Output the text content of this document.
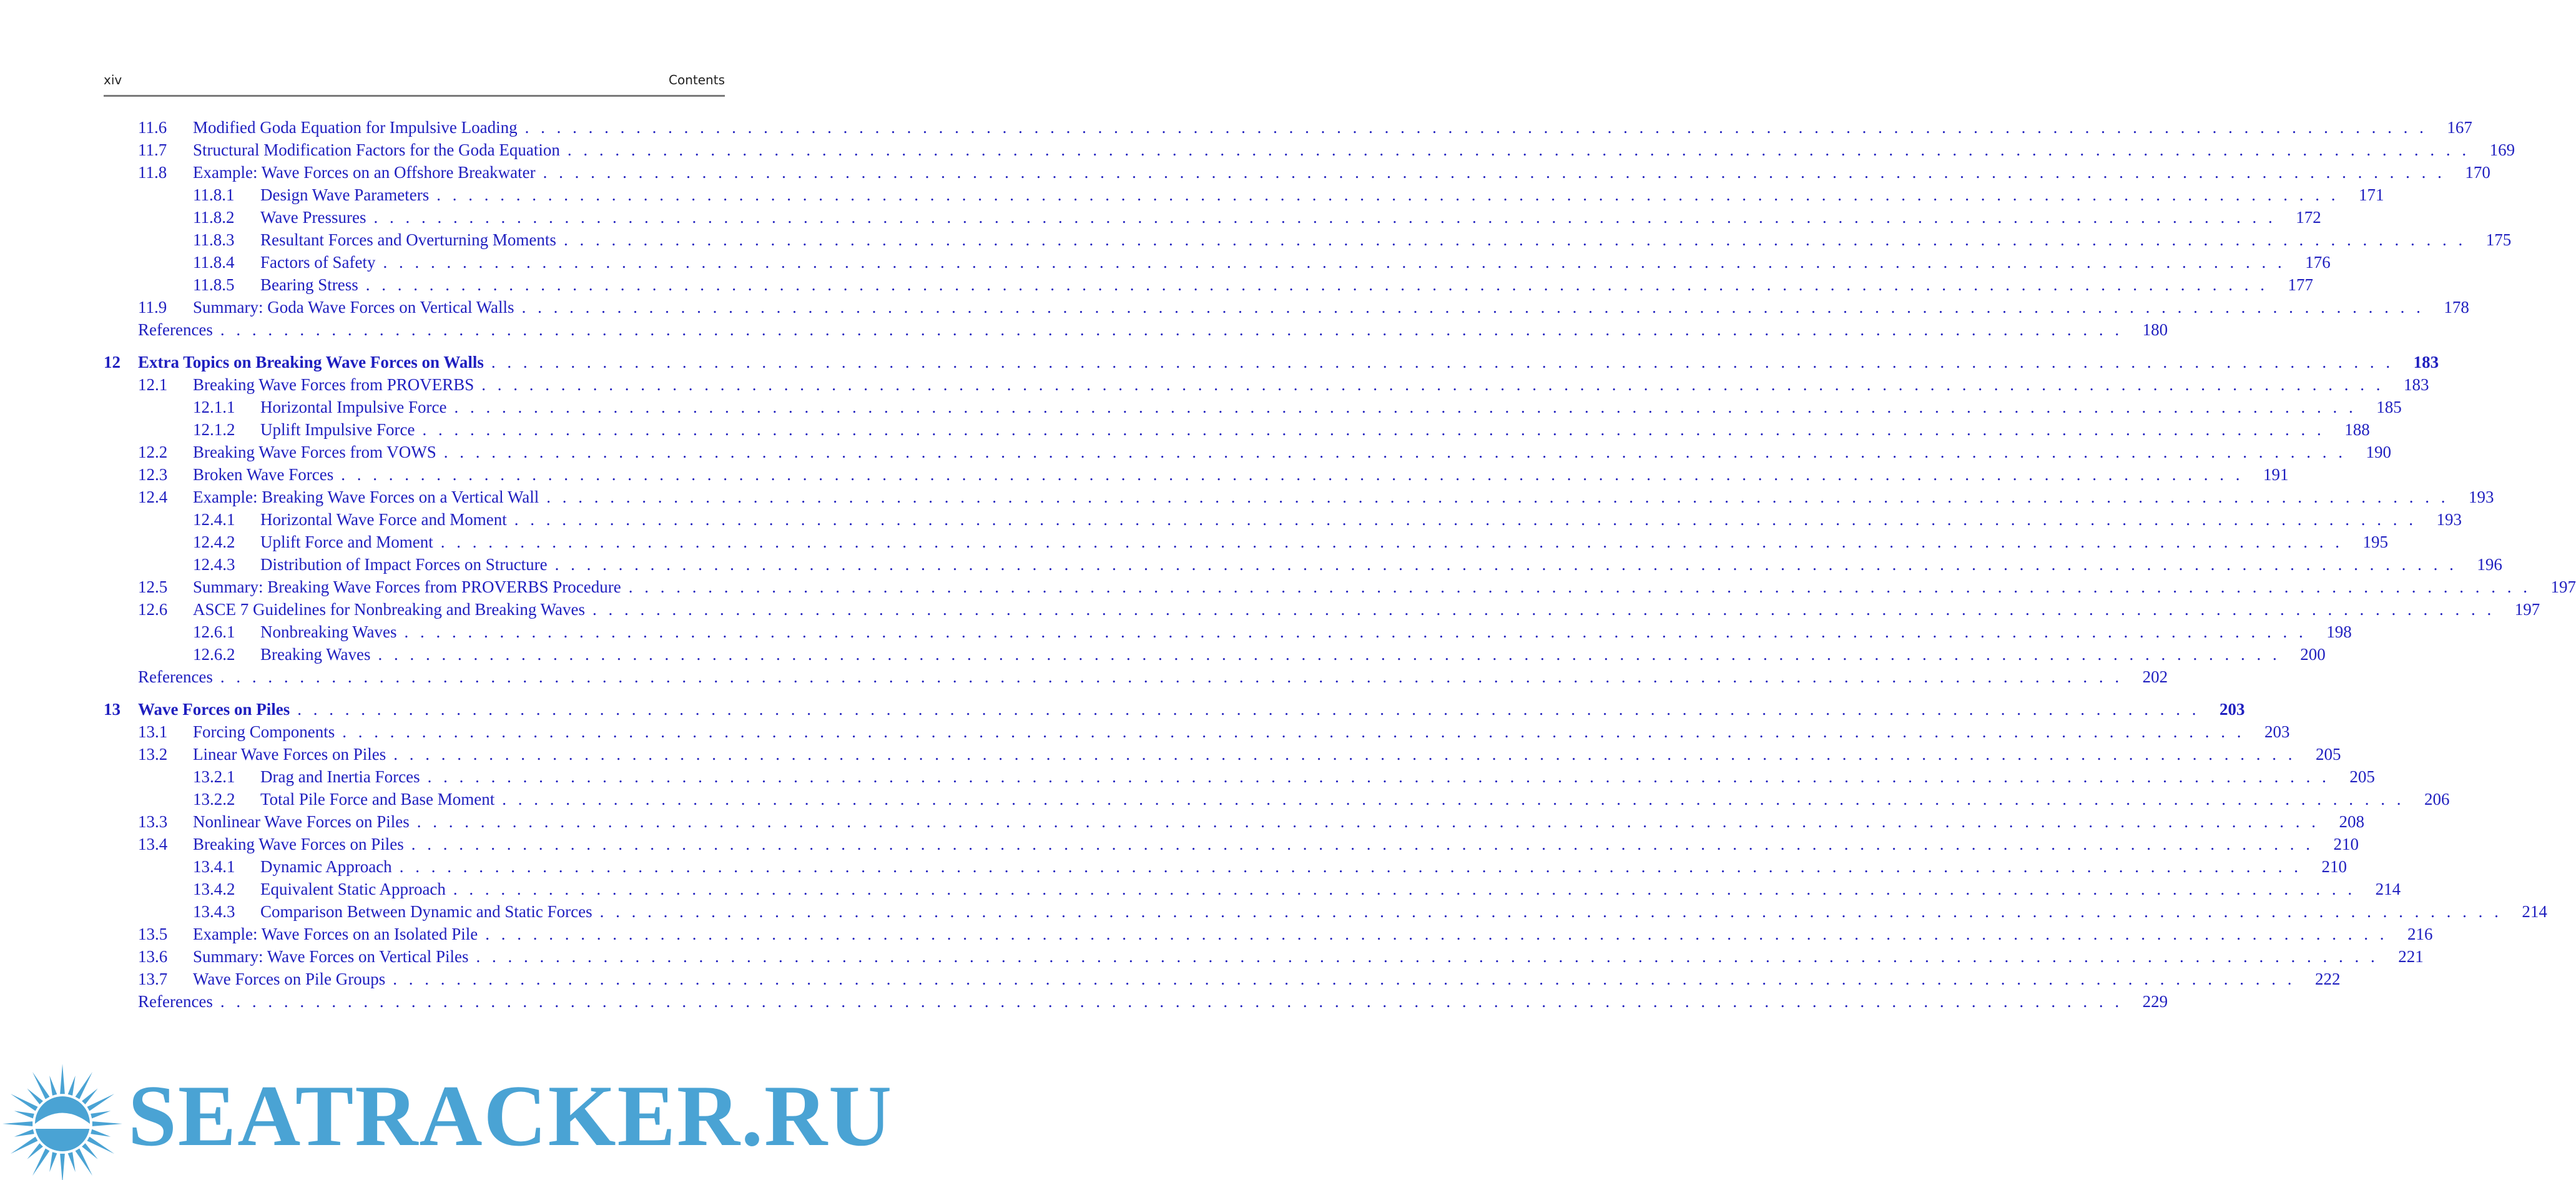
xiv	Contents
11.6	Modified Goda Equation for Impulsive Loading . . . . . . . . . . . . . . . . . . . . . . . . . . . . . . . . . . . . . . . . . . . . . . . . . . . . . . . . . . . . . . . . . . . . . . . . . . . . . . . . . . . . . . . . . . . . . . . . . . . . . . . . . . . . . . . . . . . . . . . .	167
11.7	Structural Modification Factors for the Goda Equation . . . . . . . . . . . . . . . . . . . . . . . . . . . . . . . . . . . . . . . . . . . . . . . . . . . . . . . . . . . . . . . . . . . . . . . . . . . . . . . . . . . . . . . . . . . . . . . . . . . . . . . . . . . . . . . . . . . . . . . .	169
11.8	Example: Wave Forces on an Offshore Breakwater . . . . . . . . . . . . . . . . . . . . . . . . . . . . . . . . . . . . . . . . . . . . . . . . . . . . . . . . . . . . . . . . . . . . . . . . . . . . . . . . . . . . . . . . . . . . . . . . . . . . . . . . . . . . . . . . . . . . . . . .	170
11.8.1	Design Wave Parameters . . . . . . . . . . . . . . . . . . . . . . . . . . . . . . . . . . . . . . . . . . . . . . . . . . . . . . . . . . . . . . . . . . . . . . . . . . . . . . . . . . . . . . . . . . . . . . . . . . . . . . . . . . . . . . . . . . . . . . . .	171
11.8.2	Wave Pressures . . . . . . . . . . . . . . . . . . . . . . . . . . . . . . . . . . . . . . . . . . . . . . . . . . . . . . . . . . . . . . . . . . . . . . . . . . . . . . . . . . . . . . . . . . . . . . . . . . . . . . . . . . . . . . . . . . . . . . . .	172
11.8.3	Resultant Forces and Overturning Moments . . . . . . . . . . . . . . . . . . . . . . . . . . . . . . . . . . . . . . . . . . . . . . . . . . . . . . . . . . . . . . . . . . . . . . . . . . . . . . . . . . . . . . . . . . . . . . . . . . . . . . . . . . . . . . . . . . . . . . . .	175
11.8.4	Factors of Safety . . . . . . . . . . . . . . . . . . . . . . . . . . . . . . . . . . . . . . . . . . . . . . . . . . . . . . . . . . . . . . . . . . . . . . . . . . . . . . . . . . . . . . . . . . . . . . . . . . . . . . . . . . . . . . . . . . . . . . . .	176
11.8.5	Bearing Stress . . . . . . . . . . . . . . . . . . . . . . . . . . . . . . . . . . . . . . . . . . . . . . . . . . . . . . . . . . . . . . . . . . . . . . . . . . . . . . . . . . . . . . . . . . . . . . . . . . . . . . . . . . . . . . . . . . . . . . . .	177
11.9	Summary: Goda Wave Forces on Vertical Walls . . . . . . . . . . . . . . . . . . . . . . . . . . . . . . . . . . . . . . . . . . . . . . . . . . . . . . . . . . . . . . . . . . . . . . . . . . . . . . . . . . . . . . . . . . . . . . . . . . . . . . . . . . . . . . . . . . . . . . . .	178
References . . . . . . . . . . . . . . . . . . . . . . . . . . . . . . . . . . . . . . . . . . . . . . . . . . . . . . . . . . . . . . . . . . . . . . . . . . . . . . . . . . . . . . . . . . . . . . . . . . . . . . . . . . . . . . . . . . . . . . . .	180
12	Extra Topics on Breaking Wave Forces on Walls . . . . . . . . . . . . . . . . . . . . . . . . . . . . . . . . . . . . . . . . . . . . . . . . . . . . . . . . . . . . . . . . . . . . . . . . . . . . . . . . . . . . . . . . . . . . . . . . . . . . . . . . . . . . . . . . . . . . . . . .	183
12.1	Breaking Wave Forces from PROVERBS . . . . . . . . . . . . . . . . . . . . . . . . . . . . . . . . . . . . . . . . . . . . . . . . . . . . . . . . . . . . . . . . . . . . . . . . . . . . . . . . . . . . . . . . . . . . . . . . . . . . . . . . . . . . . . . . . . . . . . . .	183
12.1.1	Horizontal Impulsive Force . . . . . . . . . . . . . . . . . . . . . . . . . . . . . . . . . . . . . . . . . . . . . . . . . . . . . . . . . . . . . . . . . . . . . . . . . . . . . . . . . . . . . . . . . . . . . . . . . . . . . . . . . . . . . . . . . . . . . . . .	185
12.1.2	Uplift Impulsive Force . . . . . . . . . . . . . . . . . . . . . . . . . . . . . . . . . . . . . . . . . . . . . . . . . . . . . . . . . . . . . . . . . . . . . . . . . . . . . . . . . . . . . . . . . . . . . . . . . . . . . . . . . . . . . . . . . . . . . . . .	188
12.2	Breaking Wave Forces from VOWS . . . . . . . . . . . . . . . . . . . . . . . . . . . . . . . . . . . . . . . . . . . . . . . . . . . . . . . . . . . . . . . . . . . . . . . . . . . . . . . . . . . . . . . . . . . . . . . . . . . . . . . . . . . . . . . . . . . . . . . .	190
12.3	Broken Wave Forces . . . . . . . . . . . . . . . . . . . . . . . . . . . . . . . . . . . . . . . . . . . . . . . . . . . . . . . . . . . . . . . . . . . . . . . . . . . . . . . . . . . . . . . . . . . . . . . . . . . . . . . . . . . . . . . . . . . . . . . .	191
12.4	Example: Breaking Wave Forces on a Vertical Wall . . . . . . . . . . . . . . . . . . . . . . . . . . . . . . . . . . . . . . . . . . . . . . . . . . . . . . . . . . . . . . . . . . . . . . . . . . . . . . . . . . . . . . . . . . . . . . . . . . . . . . . . . . . . . . . . . . . . . . . .	193
12.4.1	Horizontal Wave Force and Moment . . . . . . . . . . . . . . . . . . . . . . . . . . . . . . . . . . . . . . . . . . . . . . . . . . . . . . . . . . . . . . . . . . . . . . . . . . . . . . . . . . . . . . . . . . . . . . . . . . . . . . . . . . . . . . . . . . . . . . . .	193
12.4.2	Uplift Force and Moment . . . . . . . . . . . . . . . . . . . . . . . . . . . . . . . . . . . . . . . . . . . . . . . . . . . . . . . . . . . . . . . . . . . . . . . . . . . . . . . . . . . . . . . . . . . . . . . . . . . . . . . . . . . . . . . . . . . . . . . .	195
12.4.3	Distribution of Impact Forces on Structure . . . . . . . . . . . . . . . . . . . . . . . . . . . . . . . . . . . . . . . . . . . . . . . . . . . . . . . . . . . . . . . . . . . . . . . . . . . . . . . . . . . . . . . . . . . . . . . . . . . . . . . . . . . . . . . . . . . . . . . .	196
12.5	Summary: Breaking Wave Forces from PROVERBS Procedure . . . . . . . . . . . . . . . . . . . . . . . . . . . . . . . . . . . . . . . . . . . . . . . . . . . . . . . . . . . . . . . . . . . . . . . . . . . . . . . . . . . . . . . . . . . . . . . . . . . . . . . . . . . . . . . . . . . . . . . .	197
12.6	ASCE 7 Guidelines for Nonbreaking and Breaking Waves . . . . . . . . . . . . . . . . . . . . . . . . . . . . . . . . . . . . . . . . . . . . . . . . . . . . . . . . . . . . . . . . . . . . . . . . . . . . . . . . . . . . . . . . . . . . . . . . . . . . . . . . . . . . . . . . . . . . . . . .	197
12.6.1	Nonbreaking Waves . . . . . . . . . . . . . . . . . . . . . . . . . . . . . . . . . . . . . . . . . . . . . . . . . . . . . . . . . . . . . . . . . . . . . . . . . . . . . . . . . . . . . . . . . . . . . . . . . . . . . . . . . . . . . . . . . . . . . . . .	198
12.6.2	Breaking Waves . . . . . . . . . . . . . . . . . . . . . . . . . . . . . . . . . . . . . . . . . . . . . . . . . . . . . . . . . . . . . . . . . . . . . . . . . . . . . . . . . . . . . . . . . . . . . . . . . . . . . . . . . . . . . . . . . . . . . . . .	200
References . . . . . . . . . . . . . . . . . . . . . . . . . . . . . . . . . . . . . . . . . . . . . . . . . . . . . . . . . . . . . . . . . . . . . . . . . . . . . . . . . . . . . . . . . . . . . . . . . . . . . . . . . . . . . . . . . . . . . . . .	202
13	Wave Forces on Piles . . . . . . . . . . . . . . . . . . . . . . . . . . . . . . . . . . . . . . . . . . . . . . . . . . . . . . . . . . . . . . . . . . . . . . . . . . . . . . . . . . . . . . . . . . . . . . . . . . . . . . . . . . . . . . . . . . . . . . . .	203
13.1	Forcing Components . . . . . . . . . . . . . . . . . . . . . . . . . . . . . . . . . . . . . . . . . . . . . . . . . . . . . . . . . . . . . . . . . . . . . . . . . . . . . . . . . . . . . . . . . . . . . . . . . . . . . . . . . . . . . . . . . . . . . . . .	203
13.2	Linear Wave Forces on Piles . . . . . . . . . . . . . . . . . . . . . . . . . . . . . . . . . . . . . . . . . . . . . . . . . . . . . . . . . . . . . . . . . . . . . . . . . . . . . . . . . . . . . . . . . . . . . . . . . . . . . . . . . . . . . . . . . . . . . . . .	205
13.2.1	Drag and Inertia Forces . . . . . . . . . . . . . . . . . . . . . . . . . . . . . . . . . . . . . . . . . . . . . . . . . . . . . . . . . . . . . . . . . . . . . . . . . . . . . . . . . . . . . . . . . . . . . . . . . . . . . . . . . . . . . . . . . . . . . . . .	205
13.2.2	Total Pile Force and Base Moment . . . . . . . . . . . . . . . . . . . . . . . . . . . . . . . . . . . . . . . . . . . . . . . . . . . . . . . . . . . . . . . . . . . . . . . . . . . . . . . . . . . . . . . . . . . . . . . . . . . . . . . . . . . . . . . . . . . . . . . .	206
13.3	Nonlinear Wave Forces on Piles . . . . . . . . . . . . . . . . . . . . . . . . . . . . . . . . . . . . . . . . . . . . . . . . . . . . . . . . . . . . . . . . . . . . . . . . . . . . . . . . . . . . . . . . . . . . . . . . . . . . . . . . . . . . . . . . . . . . . . . .	208
13.4	Breaking Wave Forces on Piles . . . . . . . . . . . . . . . . . . . . . . . . . . . . . . . . . . . . . . . . . . . . . . . . . . . . . . . . . . . . . . . . . . . . . . . . . . . . . . . . . . . . . . . . . . . . . . . . . . . . . . . . . . . . . . . . . . . . . . . .	210
13.4.1	Dynamic Approach . . . . . . . . . . . . . . . . . . . . . . . . . . . . . . . . . . . . . . . . . . . . . . . . . . . . . . . . . . . . . . . . . . . . . . . . . . . . . . . . . . . . . . . . . . . . . . . . . . . . . . . . . . . . . . . . . . . . . . . .	210
13.4.2	Equivalent Static Approach . . . . . . . . . . . . . . . . . . . . . . . . . . . . . . . . . . . . . . . . . . . . . . . . . . . . . . . . . . . . . . . . . . . . . . . . . . . . . . . . . . . . . . . . . . . . . . . . . . . . . . . . . . . . . . . . . . . . . . . .	214
13.4.3	Comparison Between Dynamic and Static Forces . . . . . . . . . . . . . . . . . . . . . . . . . . . . . . . . . . . . . . . . . . . . . . . . . . . . . . . . . . . . . . . . . . . . . . . . . . . . . . . . . . . . . . . . . . . . . . . . . . . . . . . . . . . . . . . . . . . . . . . .	214
13.5	Example: Wave Forces on an Isolated Pile . . . . . . . . . . . . . . . . . . . . . . . . . . . . . . . . . . . . . . . . . . . . . . . . . . . . . . . . . . . . . . . . . . . . . . . . . . . . . . . . . . . . . . . . . . . . . . . . . . . . . . . . . . . . . . . . . . . . . . . .	216
13.6	Summary: Wave Forces on Vertical Piles . . . . . . . . . . . . . . . . . . . . . . . . . . . . . . . . . . . . . . . . . . . . . . . . . . . . . . . . . . . . . . . . . . . . . . . . . . . . . . . . . . . . . . . . . . . . . . . . . . . . . . . . . . . . . . . . . . . . . . . .	221
13.7	Wave Forces on Pile Groups . . . . . . . . . . . . . . . . . . . . . . . . . . . . . . . . . . . . . . . . . . . . . . . . . . . . . . . . . . . . . . . . . . . . . . . . . . . . . . . . . . . . . . . . . . . . . . . . . . . . . . . . . . . . . . . . . . . . . . . .	222
References . . . . . . . . . . . . . . . . . . . . . . . . . . . . . . . . . . . . . . . . . . . . . . . . . . . . . . . . . . . . . . . . . . . . . . . . . . . . . . . . . . . . . . . . . . . . . . . . . . . . . . . . . . . . . . . . . . . . . . . .	229
SEATRACKER.RU
